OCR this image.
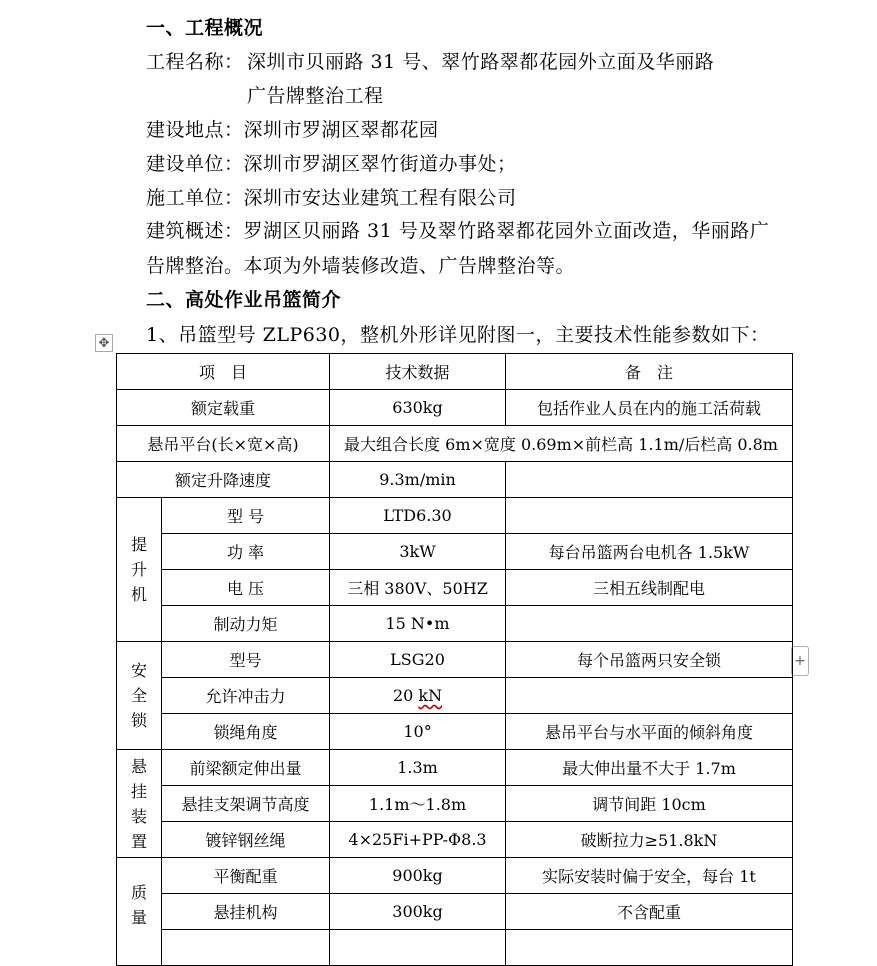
一、工程概况
工程名称： 深圳市贝丽路 31 号、翠竹路翠都花园外立面及华丽路
广告牌整治工程
建设地点：深圳市罗湖区翠都花园
建设单位：深圳市罗湖区翠竹街道办事处；
施工单位：深圳市安达业建筑工程有限公司
建筑概述：罗湖区贝丽路 31 号及翠竹路翠都花园外立面改造，华丽路广
告牌整治。本项为外墙装修改造、广告牌整治等。
二、高处作业吊篮简介
1、吊篮型号 ZLP630，整机外形详见附图一，主要技术性能参数如下：
✥
+
项　目		技术数据	备　注
额定载重		630kg	包括作业人员在内的施工活荷载
悬吊平台(长×宽×高)		最大组合长度 6m×宽度 0.69m×前栏高 1.1m/后栏高 0.8m	
额定升降速度		9.3m/min	
提升机	型 号	LTD6.30	
	功 率	3kW	每台吊篮两台电机各 1.5kW
	电 压	三相 380V、50HZ	三相五线制配电
	制动力矩	15 N•m	
安全锁	型号	LSG20	每个吊篮两只安全锁
	允许冲击力	20 kN	
	锁绳角度	10°	悬吊平台与水平面的倾斜角度
悬挂装置	前梁额定伸出量	1.3m	最大伸出量不大于 1.7m
	悬挂支架调节高度	1.1m～1.8m	调节间距 10cm
	镀锌钢丝绳	4×25Fi+PP-Φ8.3	破断拉力≥51.8kN
质量	平衡配重	900kg	实际安装时偏于安全，每台 1t
	悬挂机构	300kg	不含配重
